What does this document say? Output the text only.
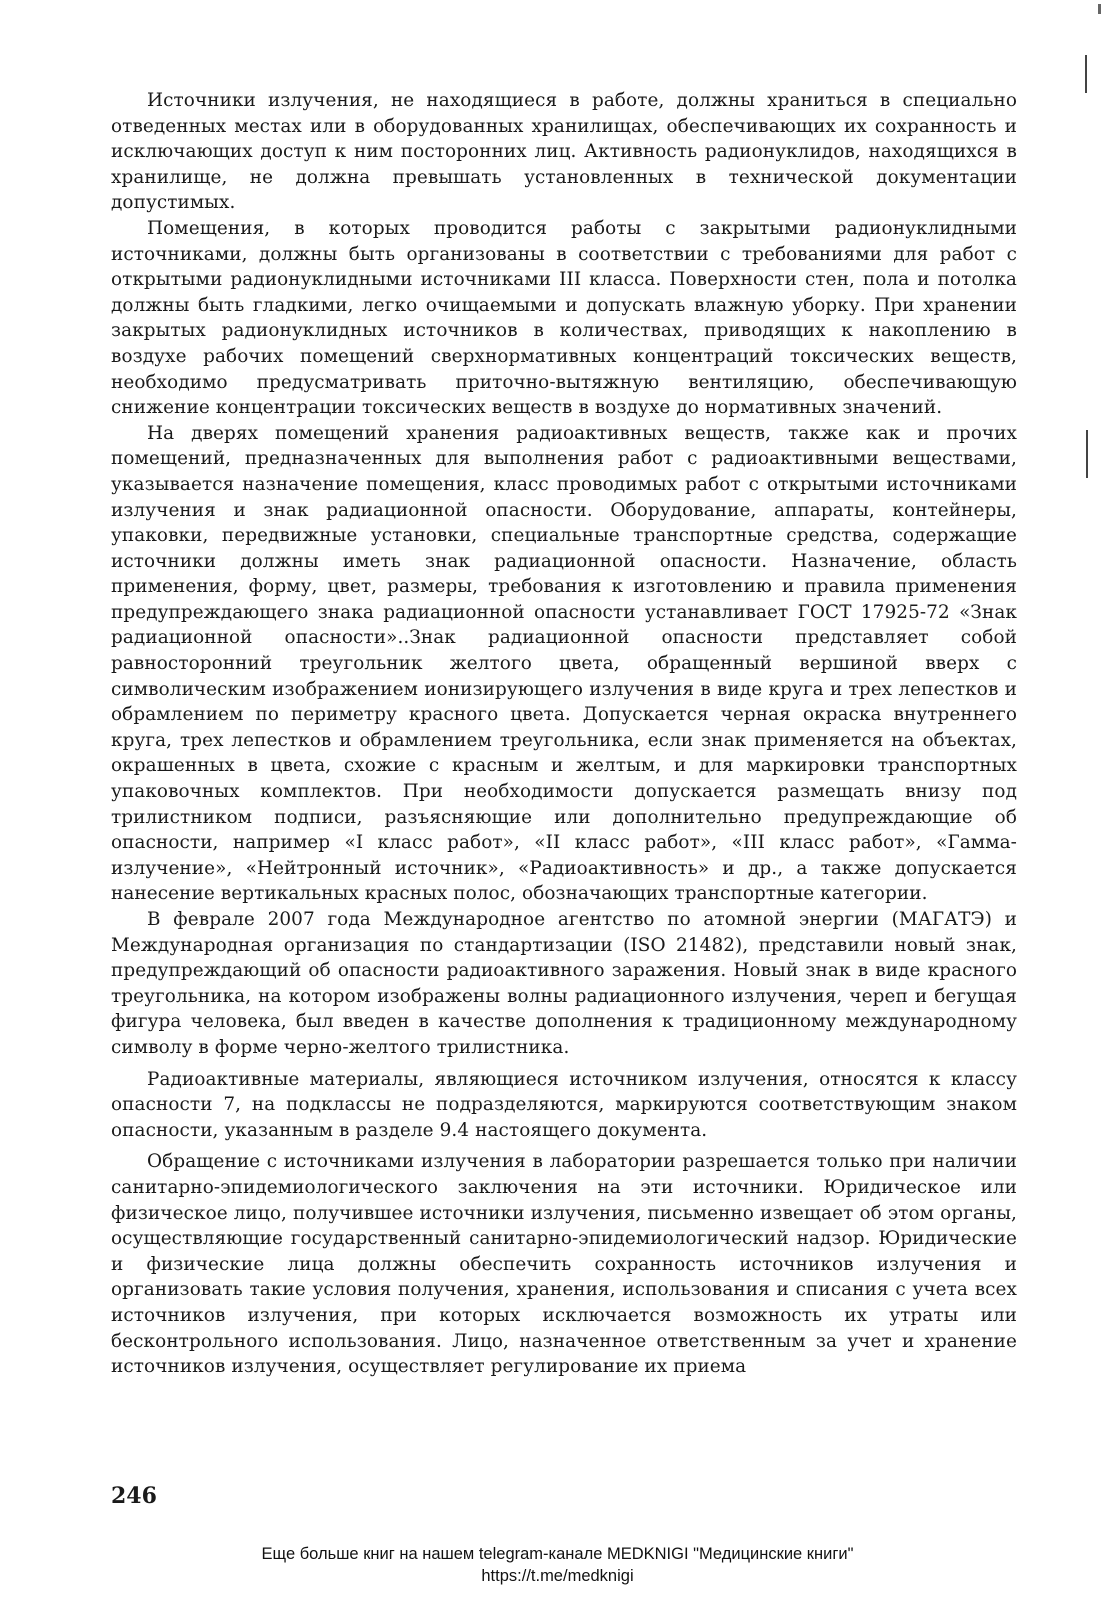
Источники излучения, не находящиеся в работе, должны храниться в специально отведенных местах или в оборудованных хранилищах, обеспечивающих их сохранность и исключающих доступ к ним посторонних лиц. Активность радионуклидов, находящихся в хранилище, не должна превышать установленных в технической документации допустимых.

Помещения, в которых проводится работы с закрытыми радионуклидными источниками, должны быть организованы в соответствии с требованиями для работ с открытыми радионуклидными источниками III класса. Поверхности стен, пола и потолка должны быть гладкими, легко очищаемыми и допускать влажную уборку. При хранении закрытых радионуклидных источников в количествах, приводящих к накоплению в воздухе рабочих помещений сверхнормативных концентраций токсических веществ, необходимо предусматривать приточно-вытяжную вентиляцию, обеспечивающую снижение концентрации токсических веществ в воздухе до нормативных значений.

На дверях помещений хранения радиоактивных веществ, также как и прочих помещений, предназначенных для выполнения работ с радиоактивными веществами, указывается назначение помещения, класс проводимых работ с открытыми источниками излучения и знак радиационной опасности. Оборудование, аппараты, контейнеры, упаковки, передвижные установки, специальные транспортные средства, содержащие источники должны иметь знак радиационной опасности. Назначение, область применения, форму, цвет, размеры, требования к изготовлению и правила применения предупреждающего знака радиационной опасности устанавливает ГОСТ 17925-72 «Знак радиационной опасности»..Знак радиационной опасности представляет собой равносторонний треугольник желтого цвета, обращенный вершиной вверх с символическим изображением ионизирующего излучения в виде круга и трех лепестков и обрамлением по периметру красного цвета. Допускается черная окраска внутреннего круга, трех лепестков и обрамлением треугольника, если знак применяется на объектах, окрашенных в цвета, схожие с красным и желтым, и для маркировки транспортных упаковочных комплектов. При необходимости допускается размещать внизу под трилистником подписи, разъясняющие или дополнительно предупреждающие об опасности, например «I класс работ», «II класс работ», «III класс работ», «Гамма-излучение», «Нейтронный источник», «Радиоактивность» и др., а также допускается нанесение вертикальных красных полос, обозначающих транспортные категории.

В феврале 2007 года Международное агентство по атомной энергии (МАГАТЭ) и Международная организация по стандартизации (ISO 21482), представили новый знак, предупреждающий об опасности радиоактивного заражения. Новый знак в виде красного треугольника, на котором изображены волны радиационного излучения, череп и бегущая фигура человека, был введен в качестве дополнения к традиционному международному символу в форме черно-желтого трилистника.

Радиоактивные материалы, являющиеся источником излучения, относятся к классу опасности 7, на подклассы не подразделяются, маркируются соответствующим знаком опасности, указанным в разделе 9.4 настоящего документа.

Обращение с источниками излучения в лаборатории разрешается только при наличии санитарно-эпидемиологического заключения на эти источники. Юридическое или физическое лицо, получившее источники излучения, письменно извещает об этом органы, осуществляющие государственный санитарно-эпидемиологический надзор. Юридические и физические лица должны обеспечить сохранность источников излучения и организовать такие условия получения, хранения, использования и списания с учета всех источников излучения, при которых исключается возможность их утраты или бесконтрольного использования. Лицо, назначенное ответственным за учет и хранение источников излучения, осуществляет регулирование их приема

246
Еще больше книг на нашем telegram-канале MEDKNIGI "Медицинские книги"
https://t.me/medknigi
